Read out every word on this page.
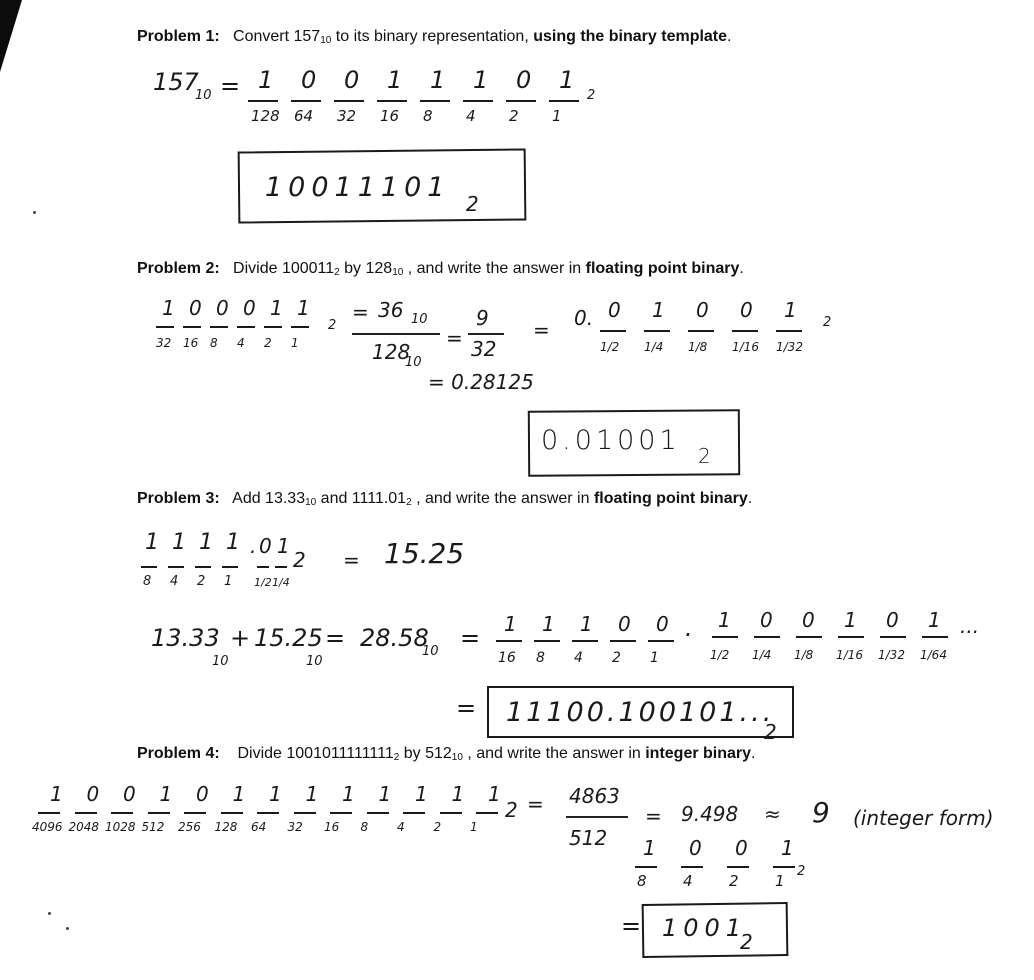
Problem 1: Convert $157_{10}$ to its binary representation, using the binary template.
157
10 = 1
128
0
64
0
32
1
16
1
8
1
4
0
2
1
1
2
10011101
2
Problem 2: Divide $100011_2$ by $128_{10}$ , and write the answer in floating point binary.
1
32
0
16
0
8
0
4
1
2
1
1
2
= 36 10
128
10
=
9
32
= 0.28125
= 0. 0
1/2
1
1/4
0
1/8
0
1/16
1
1/32
2
0.01001 2
Problem 3: Add $13.33_{10}$ and $1111.01_2$ , and write the answer in floating point binary.
1
8
1
4
1
2
1
1
. 0
1/2
1
1/4
2 = 15.25
13.33
10
+ 15.25
10
= 28.58
10 = 1
16
1
8
1
4
0
2
0
1
. 1
1/2
0
1/4
0
1/8
1
1/16
0
1/32
1
1/64
...
= 11100.100101...
2
Problem 4: Divide $1001011111111_2$ by $512_{10}$ , and write the answer in integer binary.
1
4096
0
2048
0
1028
1
512
0
256
1
128
1
64
1
32
1
16
1
8
1
4
1
2
1
1
2 = 4863
512
= 9.498 ≈ 9 (integer form)
1
8
0
4
0
2
1
1
2
= 1001
2
